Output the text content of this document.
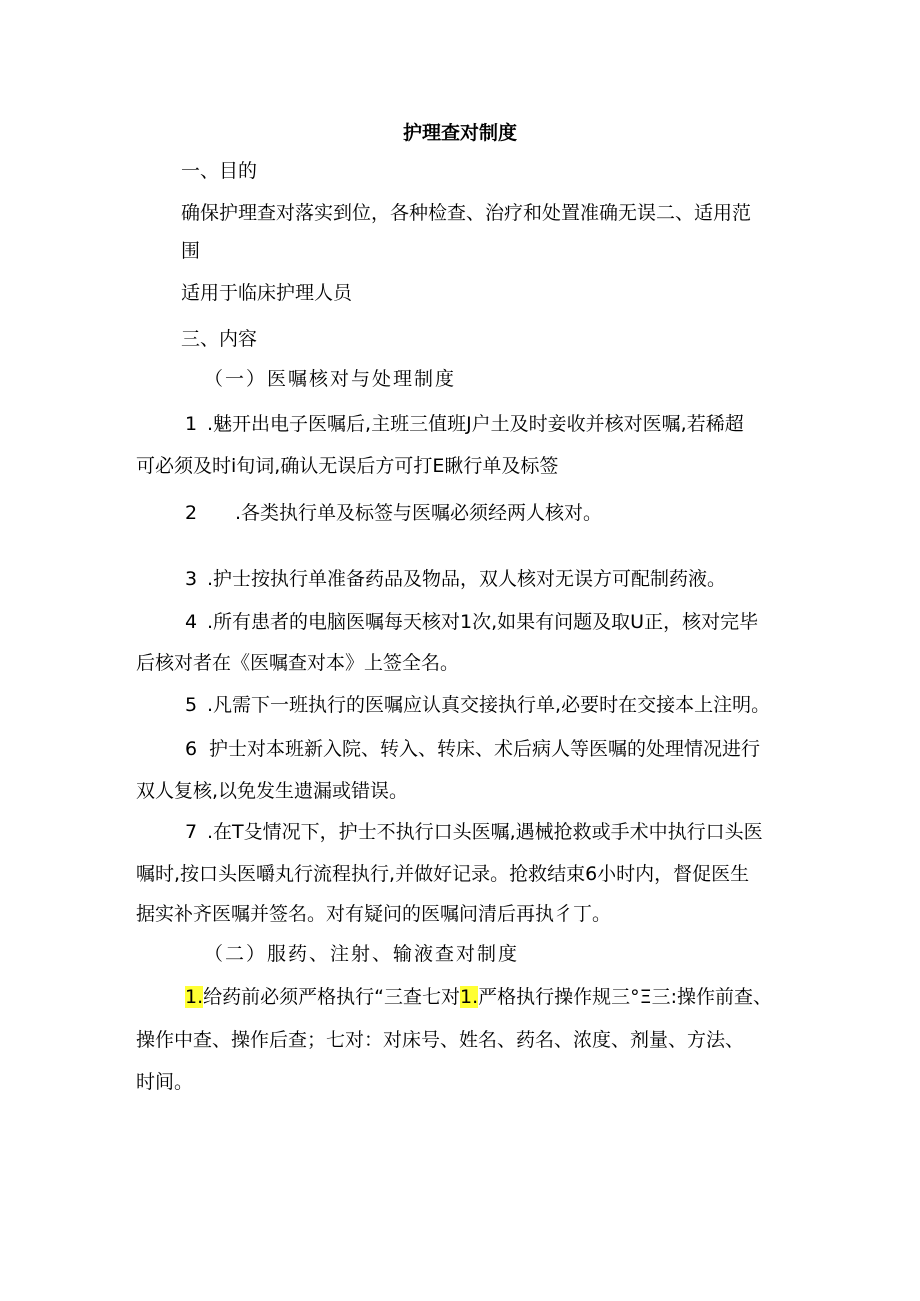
护理查对制度
一、目的
确保护理查对落实到位，各种检查、治疗和处置准确无误二、适用范
围
适用于临床护理人员
三、内容
（一）医嘱核对与处理制度
1 .魅开出电子医嘱后,主班三值班J户土及时妾收并核对医嘱,若稀超
可必须及时i旬词,确认无误后方可打E瞅行单及标签
2 .各类执行单及标签与医嘱必须经两人核对。
3 .护士按执行单准备药品及物品，双人核对无误方可配制药液。
4 .所有患者的电脑医嘱每天核对1次,如果有问题及取U正，核对完毕
后核对者在《医嘱查对本》上签全名。
5 .凡需下一班执行的医嘱应认真交接执行单,必要时在交接本上注明。
6 护士对本班新入院、转入、转床、术后病人等医嘱的处理情况进行
双人复核,以免发生遗漏或错误。
7 .在T殳情况下，护士不执行口头医嘱,遇械抢救或手术中执行口头医
嘱时,按口头医嚼丸行流程执行,并做好记录。抢救结束6小时内，督促医生
据实补齐医嘱并签名。对有疑问的医嘱问清后再执彳丁。
（二）服药、注射、输液查对制度
1.给药前必须严格执行“三查七对1.严格执行操作规三°Ξ三:操作前查、
操作中查、操作后查；七对：对床号、姓名、药名、浓度、剂量、方法、
时间。
